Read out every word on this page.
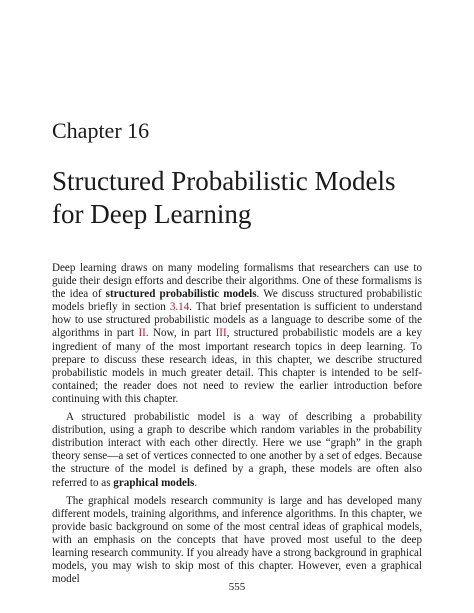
Chapter 16
Structured Probabilistic Models for Deep Learning

Deep learning draws on many modeling formalisms that researchers can use to guide their design efforts and describe their algorithms. One of these formalisms is the idea of structured probabilistic models. We discuss structured probabilistic models briefly in section 3.14. That brief presentation is sufficient to understand how to use structured probabilistic models as a language to describe some of the algorithms in part II. Now, in part III, structured probabilistic models are a key ingredient of many of the most important research topics in deep learning. To prepare to discuss these research ideas, in this chapter, we describe structured probabilistic models in much greater detail. This chapter is intended to be self-contained; the reader does not need to review the earlier introduction before continuing with this chapter.

A structured probabilistic model is a way of describing a probability distribution, using a graph to describe which random variables in the probability distribution interact with each other directly. Here we use “graph” in the graph theory sense—a set of vertices connected to one another by a set of edges. Because the structure of the model is defined by a graph, these models are often also referred to as graphical models.

The graphical models research community is large and has developed many different models, training algorithms, and inference algorithms. In this chapter, we provide basic background on some of the most central ideas of graphical models, with an emphasis on the concepts that have proved most useful to the deep learning research community. If you already have a strong background in graphical models, you may wish to skip most of this chapter. However, even a graphical model

555
